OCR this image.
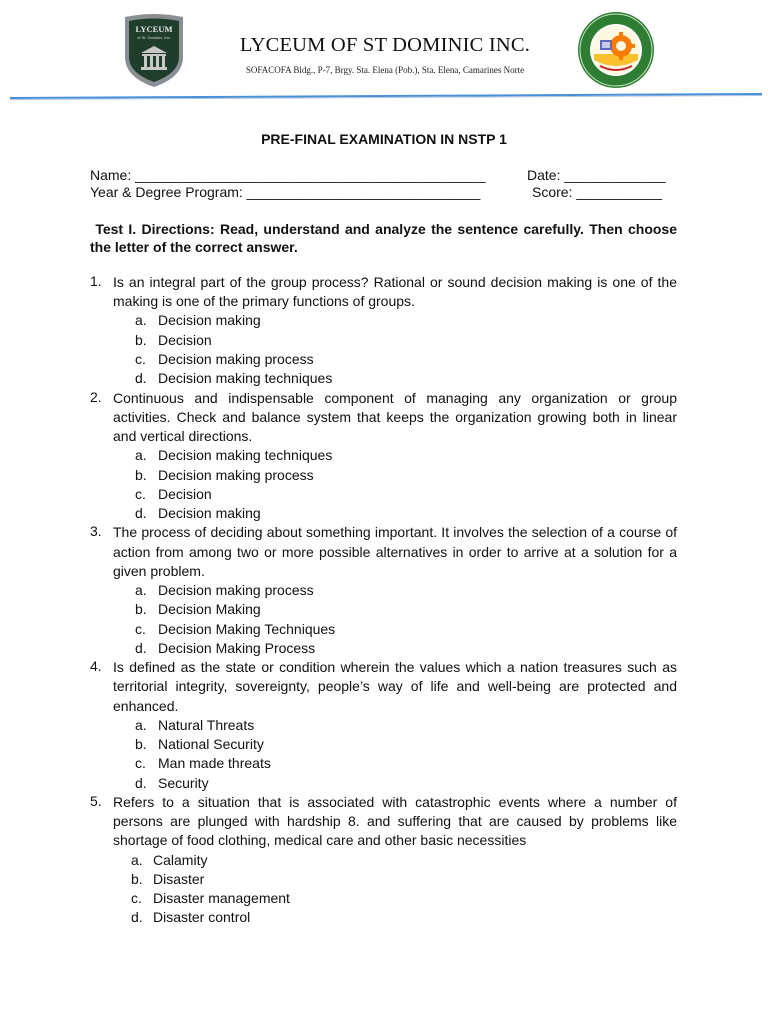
LYCEUM
of St. Dominic, Inc.	LYCEUM OF ST DOMINIC INC.
SOFACOFA Bldg., P-7, Brgy. Sta. Elena (Pob.), Sta. Elena, Camarines Norte
PRE-FINAL EXAMINATION IN NSTP 1
Name: _____________________________________________	Date: _____________
Year & Degree Program: ______________________________	Score: ___________
Test I. Directions: Read, understand and analyze the sentence carefully. Then choose the letter of the correct answer.
1. Is an integral part of the group process? Rational or sound decision making is one of the making is one of the primary functions of groups.
a. Decision making
b. Decision
c. Decision making process
d. Decision making techniques
2. Continuous and indispensable component of managing any organization or group activities. Check and balance system that keeps the organization growing both in linear and vertical directions.
a. Decision making techniques
b. Decision making process
c. Decision
d. Decision making
3. The process of deciding about something important. It involves the selection of a course of action from among two or more possible alternatives in order to arrive at a solution for a given problem.
a. Decision making process
b. Decision Making
c. Decision Making Techniques
d. Decision Making Process
4. Is defined as the state or condition wherein the values which a nation treasures such as territorial integrity, sovereignty, people’s way of life and well-being are protected and enhanced.
a. Natural Threats
b. National Security
c. Man made threats
d. Security
5. Refers to a situation that is associated with catastrophic events where a number of persons are plunged with hardship 8. and suffering that are caused by problems like shortage of food clothing, medical care and other basic necessities
a. Calamity
b. Disaster
c. Disaster management
d. Disaster control
